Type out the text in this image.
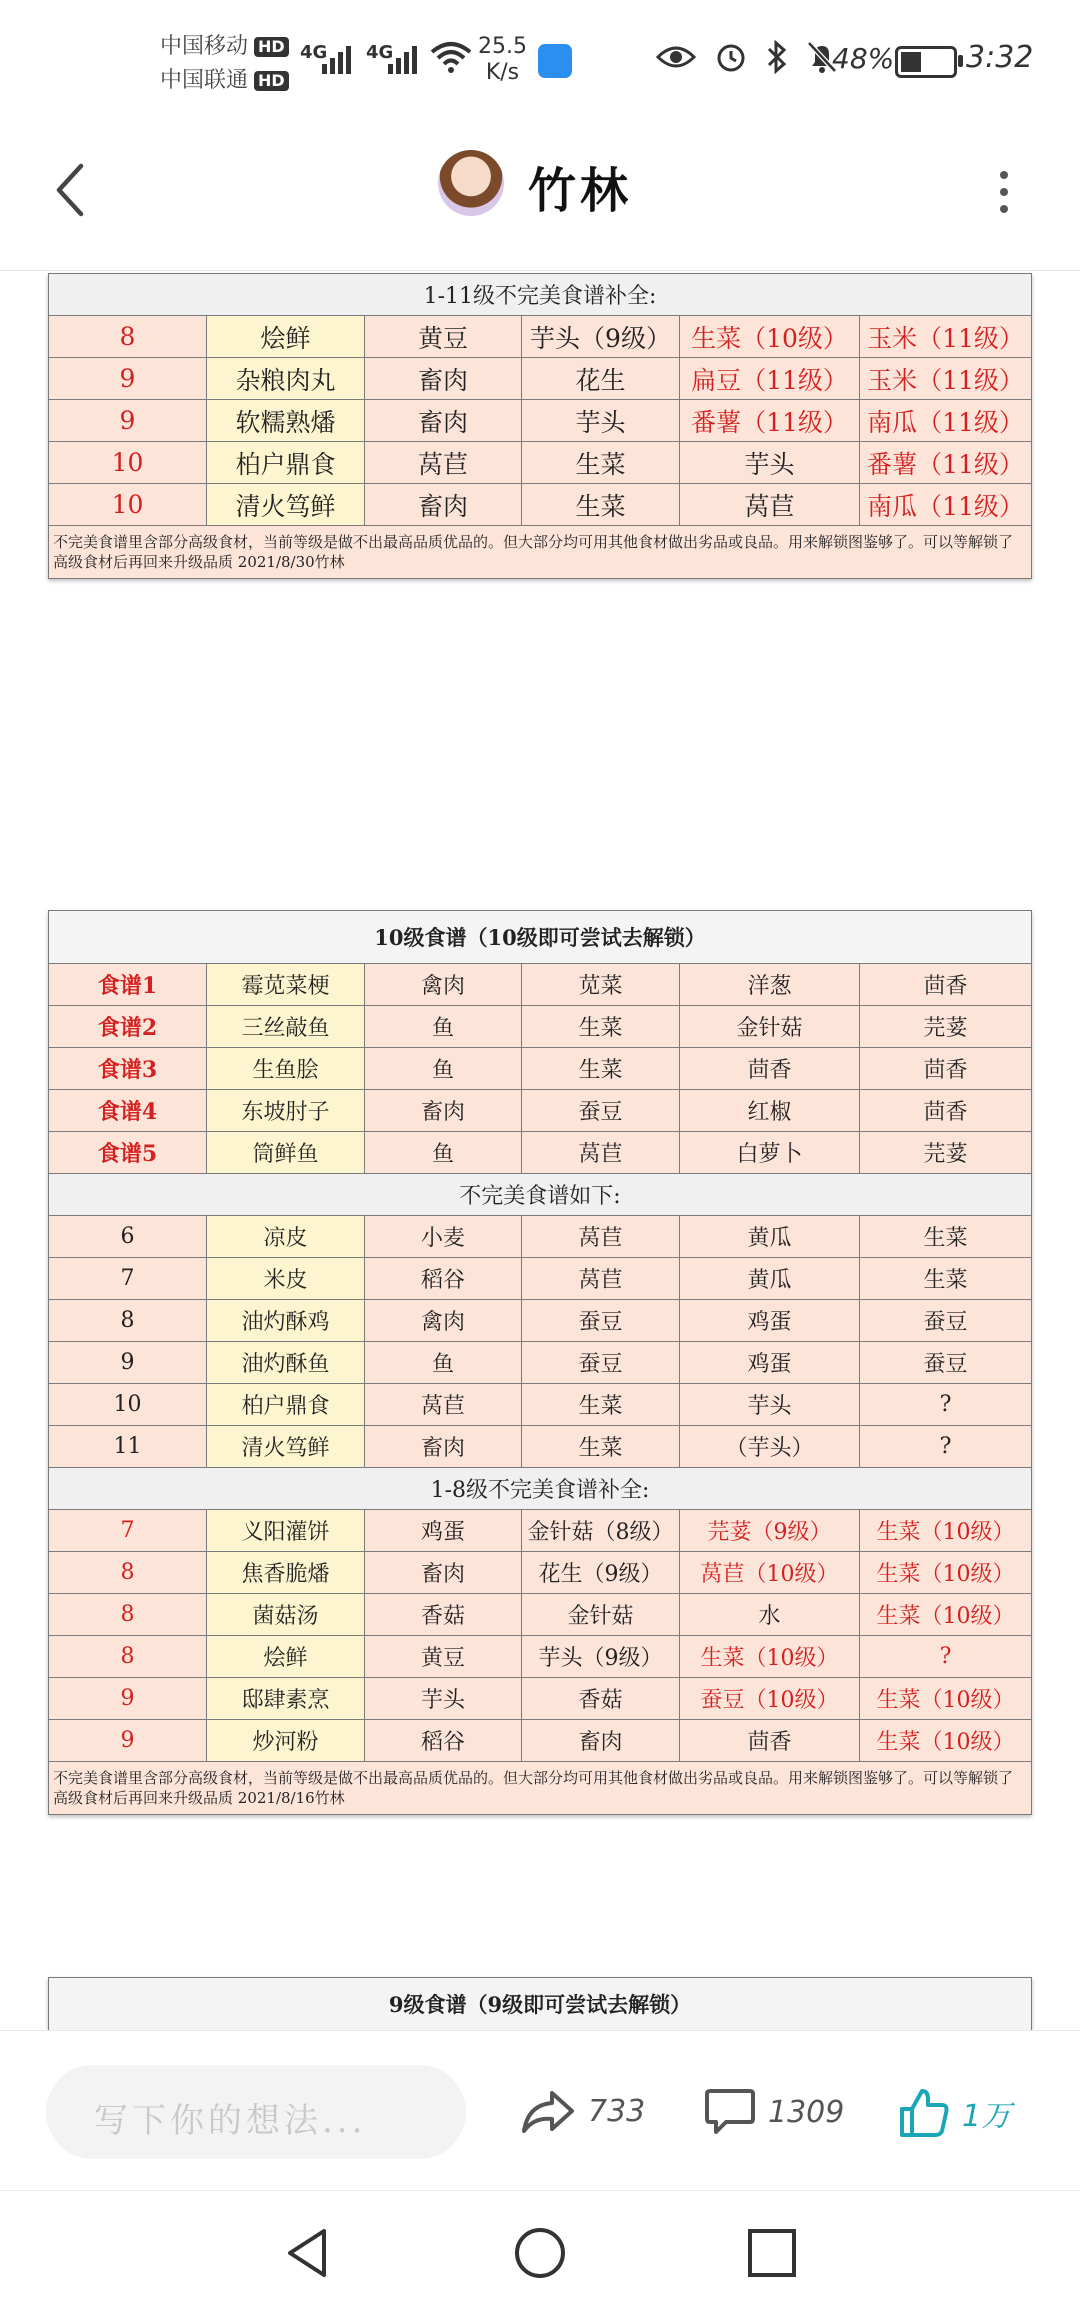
中国移动 HD
中国联通 HD
4G 4G	25.5
K/s	48% 3:32
竹林
1-11级不完美食谱补全:					
8	烩鲜	黄豆	芋头（9级）	生菜（10级）	玉米（11级）
9	杂粮肉丸	畜肉	花生	扁豆（11级）	玉米（11级）
9	软糯熟燔	畜肉	芋头	番薯（11级）	南瓜（11级）
10	柏户鼎食	莴苣	生菜	芋头	番薯（11级）
10	清火笃鲜	畜肉	生菜	莴苣	南瓜（11级）
不完美食谱里含部分高级食材，当前等级是做不出最高品质优品的。但大部分均可用其他食材做出劣品或良品。用来解锁图鉴够了。可以等解锁了高级食材后再回来升级品质 2021/8/30竹林					
10级食谱（10级即可尝试去解锁）					
食谱1	霉苋菜梗	禽肉	苋菜	洋葱	茴香
食谱2	三丝敲鱼	鱼	生菜	金针菇	芫荽
食谱3	生鱼脍	鱼	生菜	茴香	茴香
食谱4	东坡肘子	畜肉	蚕豆	红椒	茴香
食谱5	筒鲜鱼	鱼	莴苣	白萝卜	芫荽
不完美食谱如下:					
6	凉皮	小麦	莴苣	黄瓜	生菜
7	米皮	稻谷	莴苣	黄瓜	生菜
8	油灼酥鸡	禽肉	蚕豆	鸡蛋	蚕豆
9	油灼酥鱼	鱼	蚕豆	鸡蛋	蚕豆
10	柏户鼎食	莴苣	生菜	芋头	?
11	清火笃鲜	畜肉	生菜	（芋头）	?
1-8级不完美食谱补全:					
7	义阳灌饼	鸡蛋	金针菇（8级）	芫荽（9级）	生菜（10级）
8	焦香脆燔	畜肉	花生（9级）	莴苣（10级）	生菜（10级）
8	菌菇汤	香菇	金针菇	水	生菜（10级）
8	烩鲜	黄豆	芋头（9级）	生菜（10级）	?
9	邸肆素烹	芋头	香菇	蚕豆（10级）	生菜（10级）
9	炒河粉	稻谷	畜肉	茴香	生菜（10级）
不完美食谱里含部分高级食材，当前等级是做不出最高品质优品的。但大部分均可用其他食材做出劣品或良品。用来解锁图鉴够了。可以等解锁了高级食材后再回来升级品质 2021/8/16竹林					
9级食谱（9级即可尝试去解锁）

写下你的想法...	733	1309	1万
